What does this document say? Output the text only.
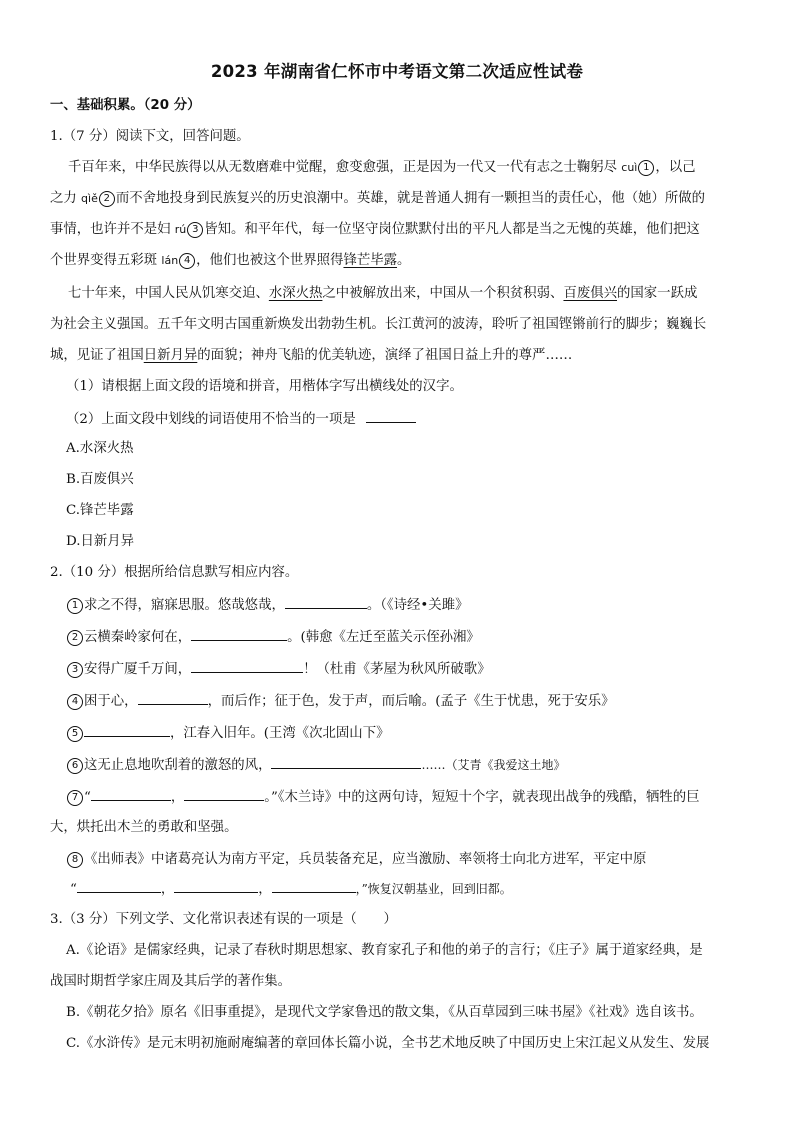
2023 年湖南省仁怀市中考语文第二次适应性试卷
一、基础积累。（20 分）
1.（7 分）阅读下文，回答问题。
千百年来，中华民族得以从无数磨难中觉醒，愈变愈强，正是因为一代又一代有志之士鞠躬尽 cuì 1 ，以己
之力 qìě 2 而不舍地投身到民族复兴的历史浪潮中。英雄，就是普通人拥有一颗担当的责任心，他（她）所做的
事情，也许并不是妇 rú 3 皆知。和平年代，每一位坚守岗位默默付出的平凡人都是当之无愧的英雄，他们把这
个世界变得五彩斑 lán 4 ，他们也被这个世界照得锋芒毕露。
七十年来，中国人民从饥寒交迫、水深火热之中被解放出来，中国从一个积贫积弱、百废俱兴的国家一跃成
为社会主义强国。五千年文明古国重新焕发出勃勃生机。长江黄河的波涛，聆听了祖国铿锵前行的脚步；巍巍长
城，见证了祖国日新月异的面貌；神舟飞船的优美轨迹，演绎了祖国日益上升的尊严……
（1）请根据上面文段的语境和拼音，用楷体字写出横线处的汉字。
（2）上面文段中划线的词语使用不恰当的一项是
A.水深火热
B.百废俱兴
C.锋芒毕露
D.日新月异
2.（10 分）根据所给信息默写相应内容。
1 求之不得，寤寐思服。悠哉悠哉，	。（《诗经•关雎》
2 云横秦岭家何在，	。(韩愈《左迁至蓝关示侄孙湘》
3 安得广厦千万间，	！（杜甫《茅屋为秋风所破歌》
4 困于心，	，而后作；征于色，发于声，而后喻。(孟子《生于忧患，死于安乐》
5	，江春入旧年。(王湾《次北固山下》
6 这无止息地吹刮着的激怒的风，	……（艾青《我爱这土地》
7 “	，	。”《木兰诗》中的这两句诗，短短十个字，就表现出战争的残酷，牺牲的巨
大，烘托出木兰的勇敢和坚强。
8 《出师表》中诸葛亮认为南方平定，兵员装备充足，应当激励、率领将士向北方进军，平定中原
“	，	，	，”恢复汉朝基业，回到旧都。
3.（3 分）下列文学、文化常识表述有误的一项是（　　）
A.《论语》是儒家经典，记录了春秋时期思想家、教育家孔子和他的弟子的言行；《庄子》属于道家经典，是
战国时期哲学家庄周及其后学的著作集。
B.《朝花夕拾》原名《旧事重提》，是现代文学家鲁迅的散文集，《从百草园到三味书屋》《社戏》选自该书。
C.《水浒传》是元末明初施耐庵编著的章回体长篇小说，全书艺术地反映了中国历史上宋江起义从发生、发展
